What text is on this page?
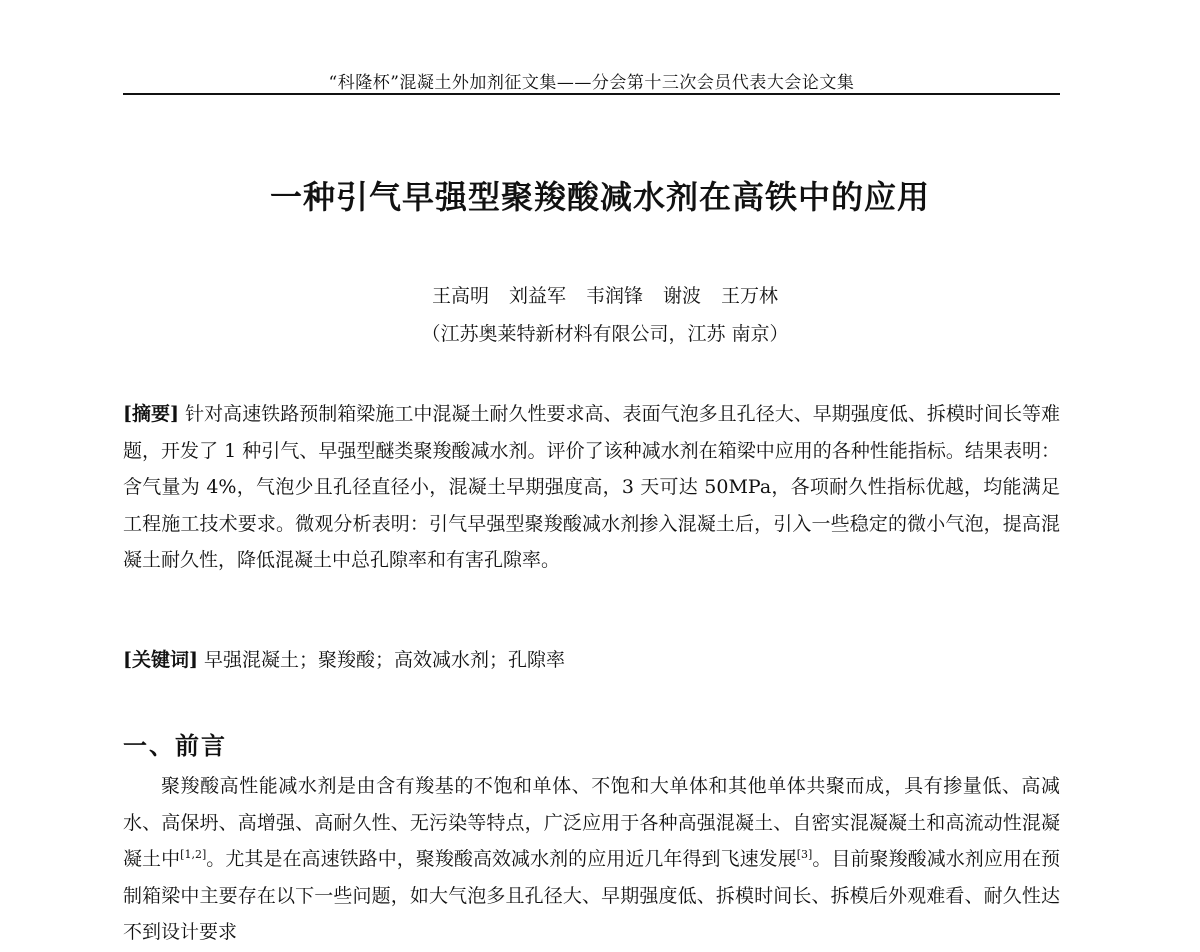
“科隆杯”混凝土外加剂征文集——分会第十三次会员代表大会论文集
一种引气早强型聚羧酸减水剂在高铁中的应用
王高明 刘益军 韦润锋 谢波 王万林
（江苏奥莱特新材料有限公司，江苏 南京）
[摘要] 针对高速铁路预制箱梁施工中混凝土耐久性要求高、表面气泡多且孔径大、早期强度低、拆模时间长等难题，开发了 1 种引气、早强型醚类聚羧酸减水剂。评价了该种减水剂在箱梁中应用的各种性能指标。结果表明：含气量为 4%，气泡少且孔径直径小，混凝土早期强度高，3 天可达 50MPa，各项耐久性指标优越，均能满足工程施工技术要求。微观分析表明：引气早强型聚羧酸减水剂掺入混凝土后，引入一些稳定的微小气泡，提高混凝土耐久性，降低混凝土中总孔隙率和有害孔隙率。
[关键词] 早强混凝土；聚羧酸；高效减水剂；孔隙率
一、前言
聚羧酸高性能减水剂是由含有羧基的不饱和单体、不饱和大单体和其他单体共聚而成，具有掺量低、高减水、高保坍、高增强、高耐久性、无污染等特点，广泛应用于各种高强混凝土、自密实混凝凝土和高流动性混凝凝土中[1,2]。尤其是在高速铁路中，聚羧酸高效减水剂的应用近几年得到飞速发展[3]。目前聚羧酸减水剂应用在预制箱梁中主要存在以下一些问题，如大气泡多且孔径大、早期强度低、拆模时间长、拆模后外观难看、耐久性达不到设计要求
